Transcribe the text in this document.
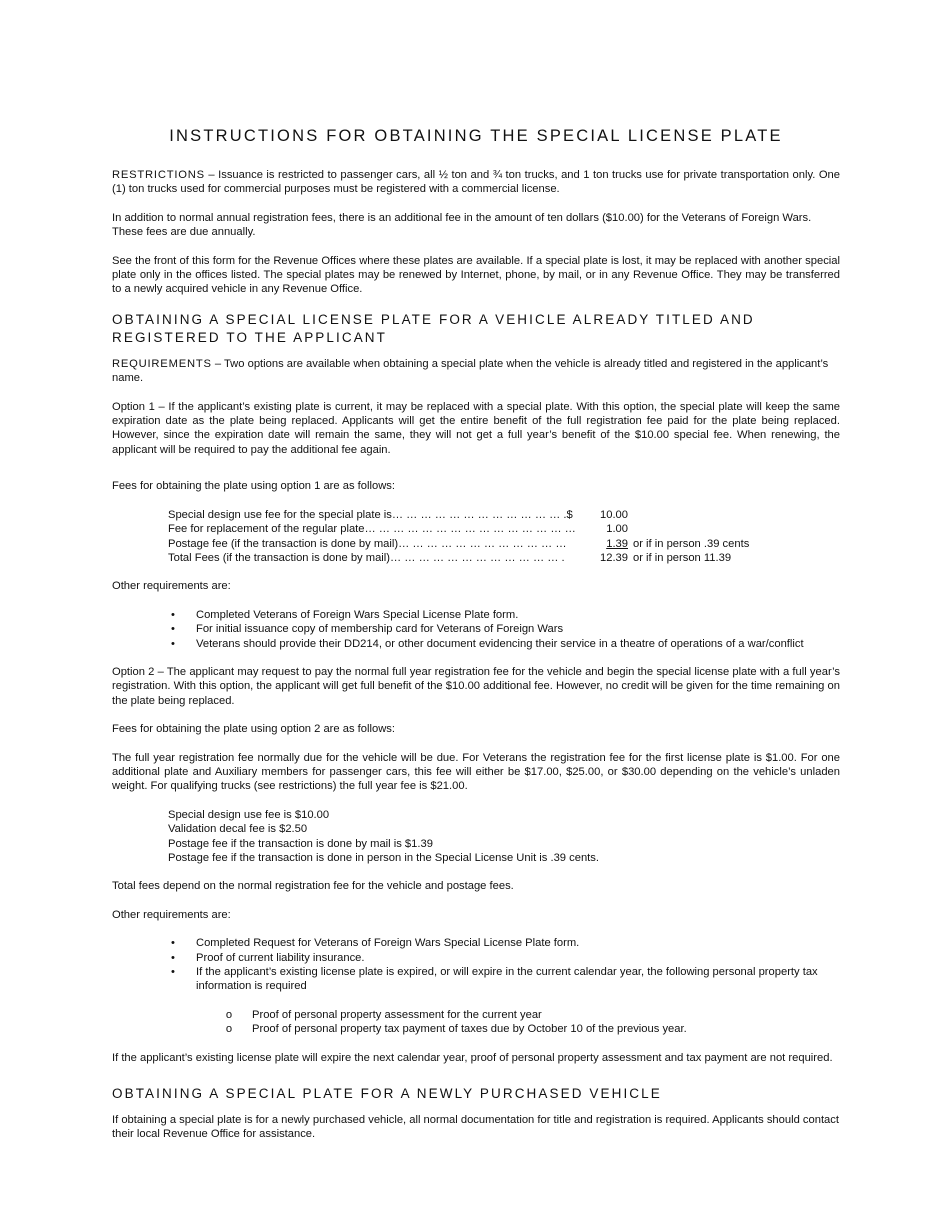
INSTRUCTIONS FOR OBTAINING THE SPECIAL LICENSE PLATE

RESTRICTIONS – Issuance is restricted to passenger cars, all ½ ton and ¾ ton trucks, and 1 ton trucks use for private transportation only. One (1) ton trucks used for commercial purposes must be registered with a commercial license.

In addition to normal annual registration fees, there is an additional fee in the amount of ten dollars ($10.00) for the Veterans of Foreign Wars. These fees are due annually.

See the front of this form for the Revenue Offices where these plates are available. If a special plate is lost, it may be replaced with another special plate only in the offices listed. The special plates may be renewed by Internet, phone, by mail, or in any Revenue Office. They may be transferred to a newly acquired vehicle in any Revenue Office.

OBTAINING A SPECIAL LICENSE PLATE FOR A VEHICLE ALREADY TITLED AND REGISTERED TO THE APPLICANT

REQUIREMENTS – Two options are available when obtaining a special plate when the vehicle is already titled and registered in the applicant’s name.

Option 1 – If the applicant’s existing plate is current, it may be replaced with a special plate. With this option, the special plate will keep the same expiration date as the plate being replaced. Applicants will get the entire benefit of the full registration fee paid for the plate being replaced. However, since the expiration date will remain the same, they will not get a full year’s benefit of the $10.00 special fee. When renewing, the applicant will be required to pay the additional fee again.

Fees for obtaining the plate using option 1 are as follows:

Special design use fee for the special plate is… … … … … … … … … … … … .$	10.00
Fee for replacement of the regular plate… … … … … … … … … … … … … … …	1.00
Postage fee (if the transaction is done by mail)… … … … … … … … … … … …	1.39 or if in person .39 cents
Total Fees (if the transaction is done by mail)… … … … … … … … … … … … .	12.39 or if in person 11.39

Other requirements are:

• Completed Veterans of Foreign Wars Special License Plate form.
• For initial issuance copy of membership card for Veterans of Foreign Wars
• Veterans should provide their DD214, or other document evidencing their service in a theatre of operations of a war/conflict

Option 2 – The applicant may request to pay the normal full year registration fee for the vehicle and begin the special license plate with a full year’s registration. With this option, the applicant will get full benefit of the $10.00 additional fee. However, no credit will be given for the time remaining on the plate being replaced.

Fees for obtaining the plate using option 2 are as follows:

The full year registration fee normally due for the vehicle will be due. For Veterans the registration fee for the first license plate is $1.00. For one additional plate and Auxiliary members for passenger cars, this fee will either be $17.00, $25.00, or $30.00 depending on the vehicle’s unladen weight. For qualifying trucks (see restrictions) the full year fee is $21.00.

Special design use fee is $10.00
Validation decal fee is $2.50
Postage fee if the transaction is done by mail is $1.39
Postage fee if the transaction is done in person in the Special License Unit is .39 cents.

Total fees depend on the normal registration fee for the vehicle and postage fees.

Other requirements are:

• Completed Request for Veterans of Foreign Wars Special License Plate form.
• Proof of current liability insurance.
• If the applicant’s existing license plate is expired, or will expire in the current calendar year, the following personal property tax information is required
o Proof of personal property assessment for the current year
o Proof of personal property tax payment of taxes due by October 10 of the previous year.

If the applicant’s existing license plate will expire the next calendar year, proof of personal property assessment and tax payment are not required.

OBTAINING A SPECIAL PLATE FOR A NEWLY PURCHASED VEHICLE

If obtaining a special plate is for a newly purchased vehicle, all normal documentation for title and registration is required. Applicants should contact their local Revenue Office for assistance.
